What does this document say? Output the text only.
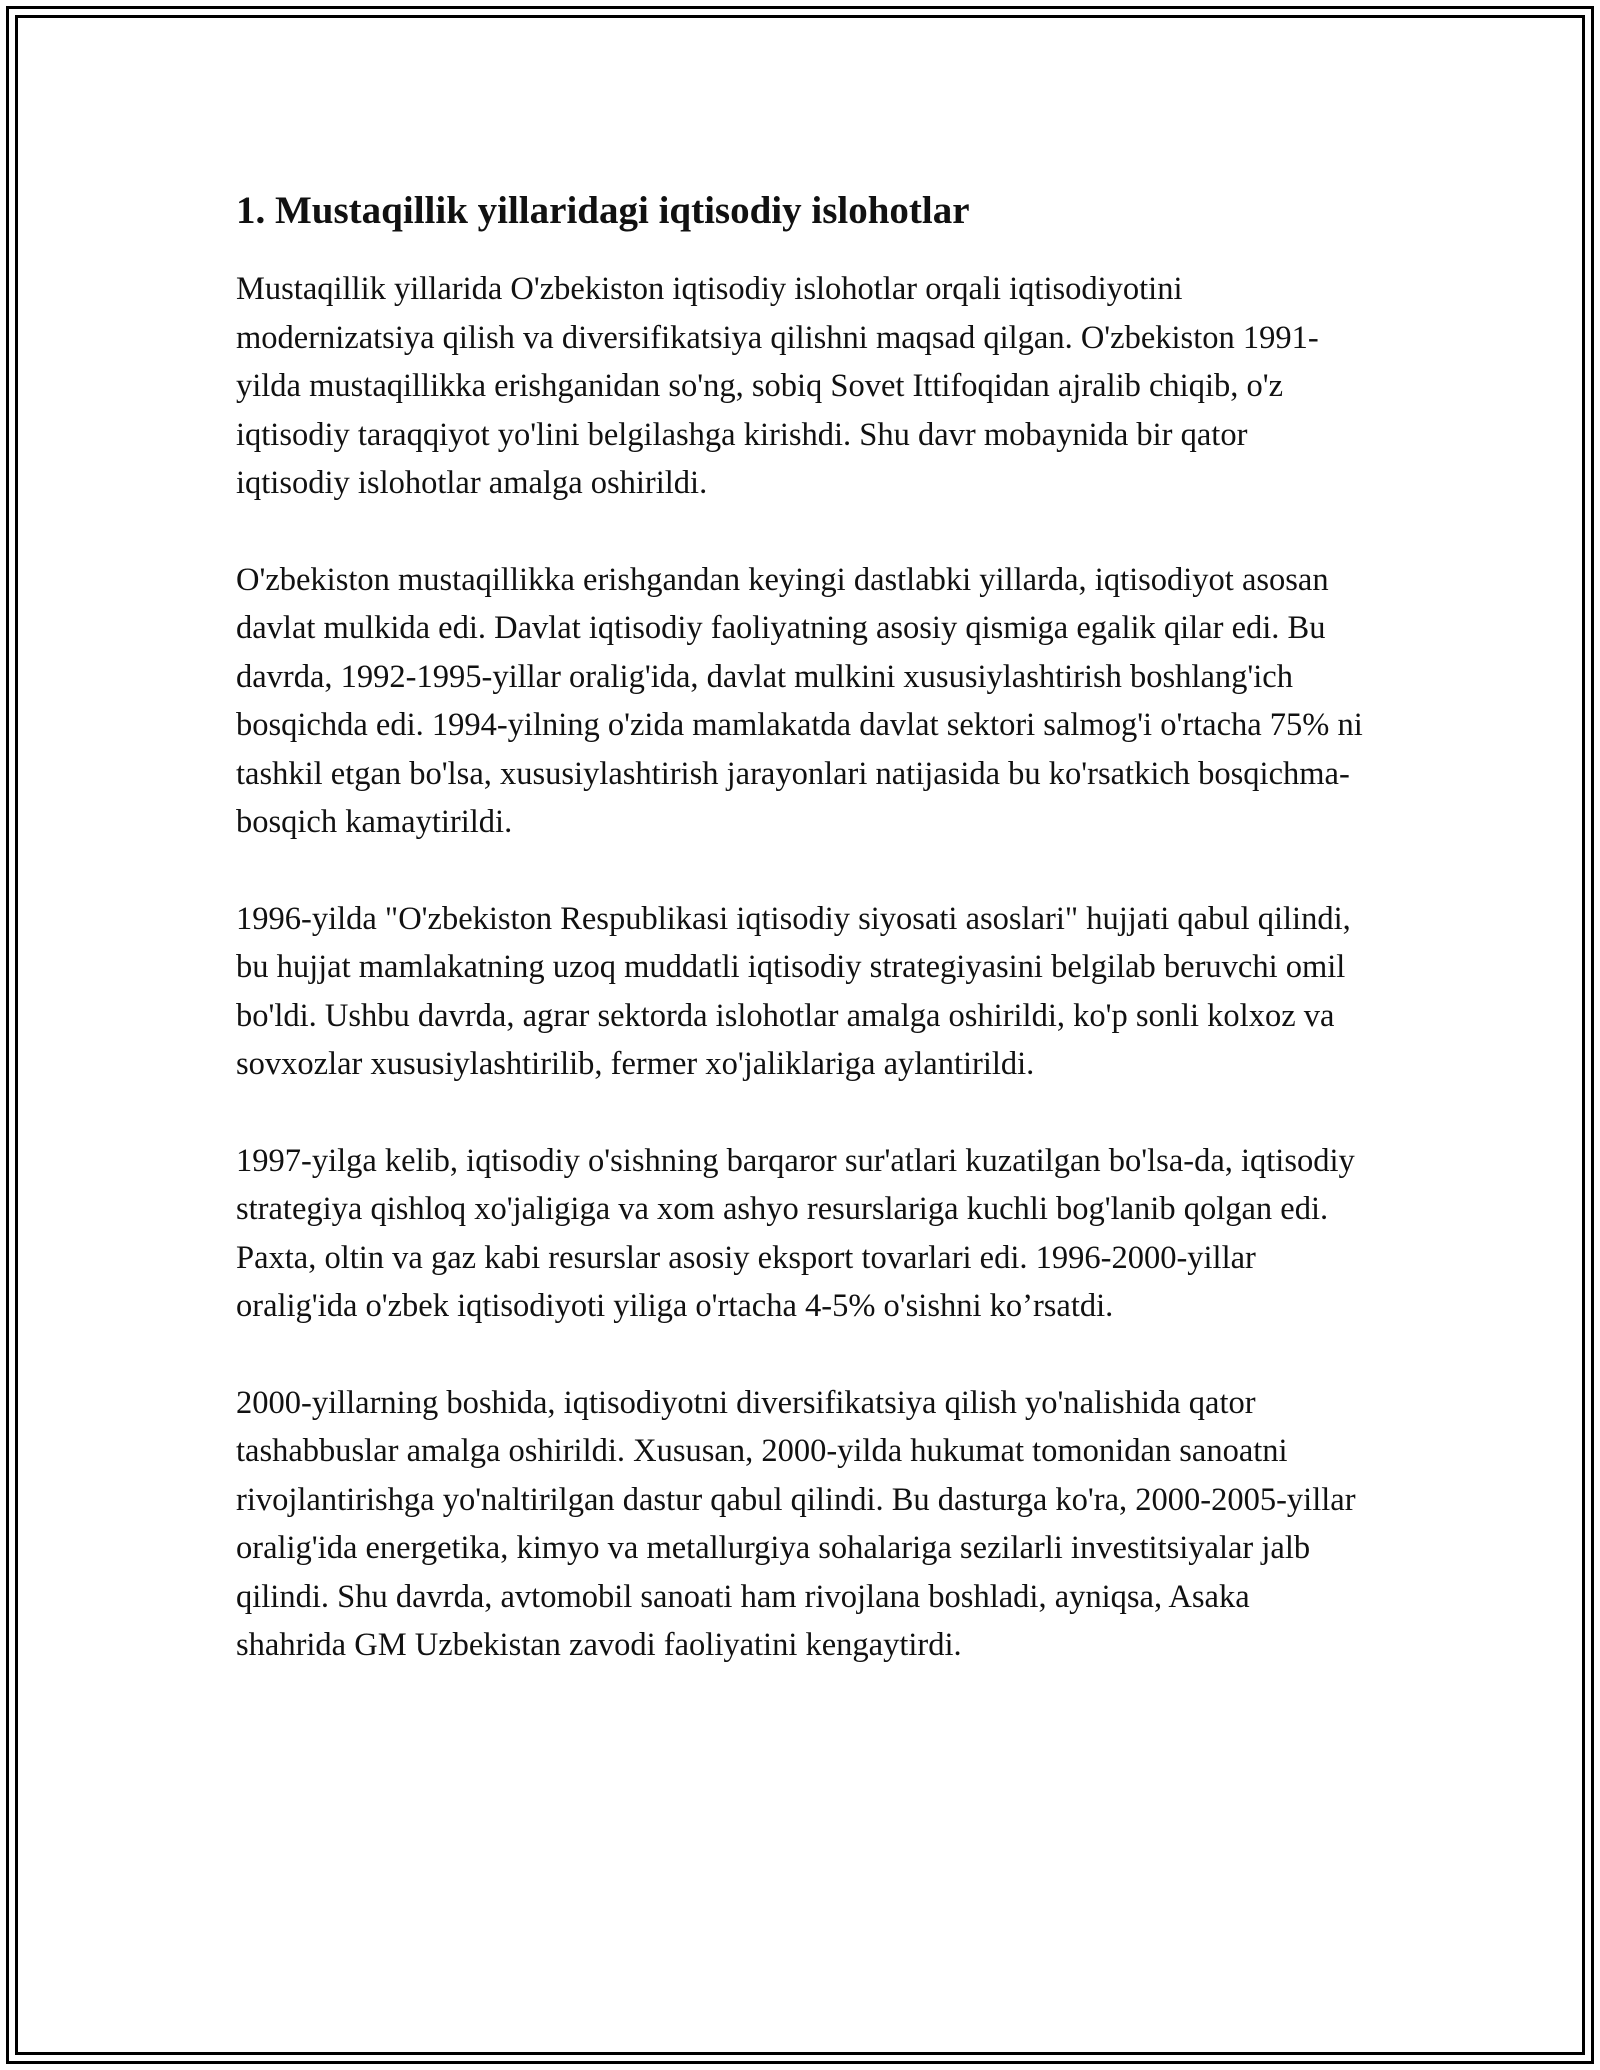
1. Mustaqillik yillaridagi iqtisodiy islohotlar

Mustaqillik yillarida O'zbekiston iqtisodiy islohotlar orqali iqtisodiyotini modernizatsiya qilish va diversifikatsiya qilishni maqsad qilgan. O'zbekiston 1991-yilda mustaqillikka erishganidan so'ng, sobiq Sovet Ittifoqidan ajralib chiqib, o'z iqtisodiy taraqqiyot yo'lini belgilashga kirishdi. Shu davr mobaynida bir qator iqtisodiy islohotlar amalga oshirildi.

O'zbekiston mustaqillikka erishgandan keyingi dastlabki yillarda, iqtisodiyot asosan davlat mulkida edi. Davlat iqtisodiy faoliyatning asosiy qismiga egalik qilar edi. Bu davrda, 1992-1995-yillar oralig'ida, davlat mulkini xususiylashtirish boshlang'ich bosqichda edi. 1994-yilning o'zida mamlakatda davlat sektori salmog'i o'rtacha 75% ni tashkil etgan bo'lsa, xususiylashtirish jarayonlari natijasida bu ko'rsatkich bosqichma-bosqich kamaytirildi.

1996-yilda "O'zbekiston Respublikasi iqtisodiy siyosati asoslari" hujjati qabul qilindi, bu hujjat mamlakatning uzoq muddatli iqtisodiy strategiyasini belgilab beruvchi omil bo'ldi. Ushbu davrda, agrar sektorda islohotlar amalga oshirildi, ko'p sonli kolxoz va sovxozlar xususiylashtirilib, fermer xo'jaliklariga aylantirildi.

1997-yilga kelib, iqtisodiy o'sishning barqaror sur'atlari kuzatilgan bo'lsa-da, iqtisodiy strategiya qishloq xo'jaligiga va xom ashyo resurslariga kuchli bog'lanib qolgan edi. Paxta, oltin va gaz kabi resurslar asosiy eksport tovarlari edi. 1996-2000-yillar oralig'ida o'zbek iqtisodiyoti yiliga o'rtacha 4-5% o'sishni ko’rsatdi.

2000-yillarning boshida, iqtisodiyotni diversifikatsiya qilish yo'nalishida qator tashabbuslar amalga oshirildi. Xususan, 2000-yilda hukumat tomonidan sanoatni rivojlantirishga yo'naltirilgan dastur qabul qilindi. Bu dasturga ko'ra, 2000-2005-yillar oralig'ida energetika, kimyo va metallurgiya sohalariga sezilarli investitsiyalar jalb qilindi. Shu davrda, avtomobil sanoati ham rivojlana boshladi, ayniqsa, Asaka shahrida GM Uzbekistan zavodi faoliyatini kengaytirdi.
